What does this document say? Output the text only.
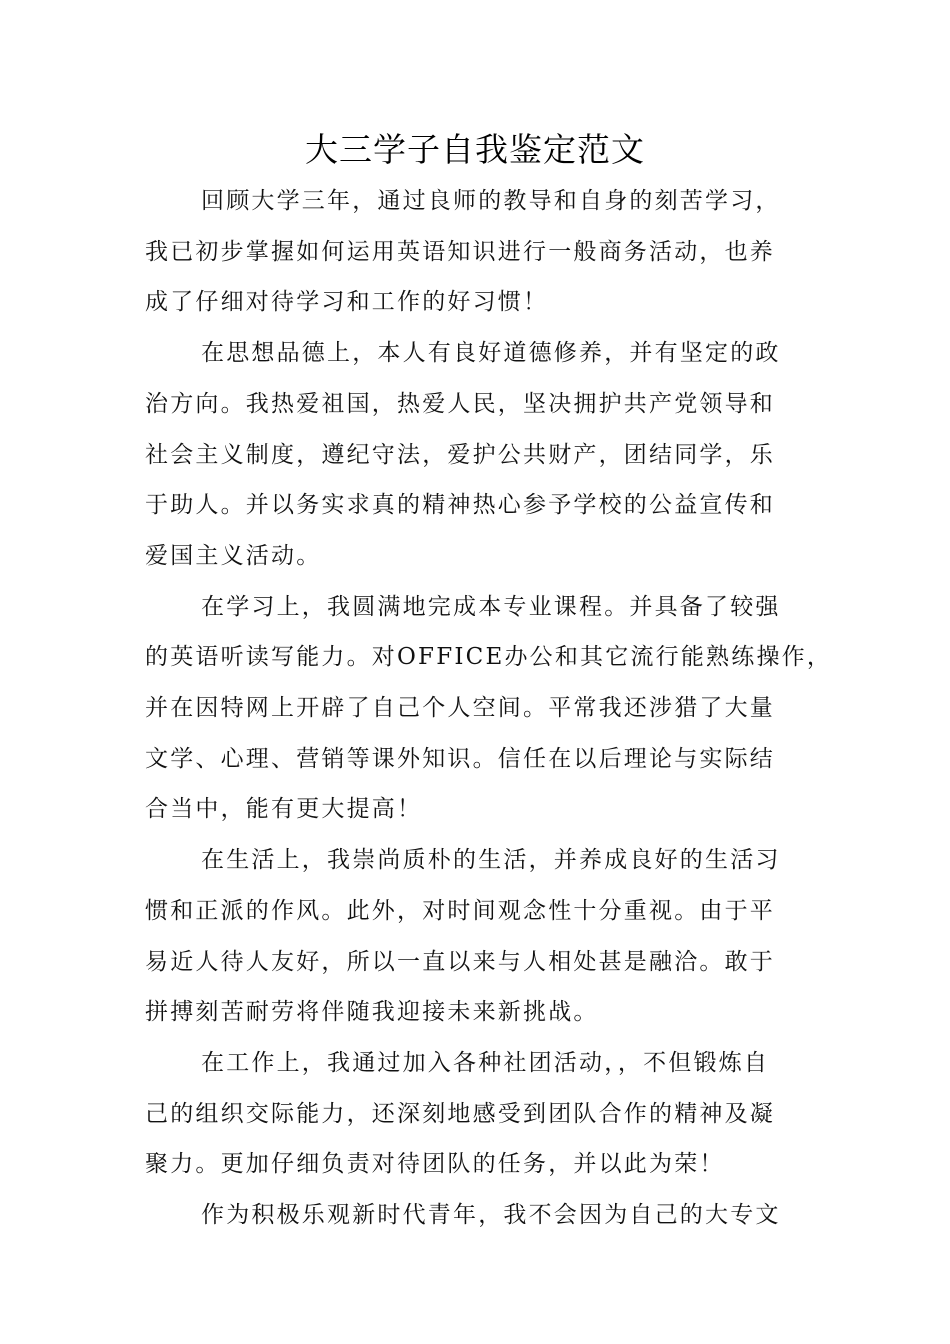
大三学子自我鉴定范文

回顾大学三年，通过良师的教导和自身的刻苦学习，
我已初步掌握如何运用英语知识进行一般商务活动，也养
成了仔细对待学习和工作的好习惯！

在思想品德上，本人有良好道德修养，并有坚定的政
治方向。我热爱祖国，热爱人民，坚决拥护共产党领导和
社会主义制度，遵纪守法，爱护公共财产，团结同学，乐
于助人。并以务实求真的精神热心参予学校的公益宣传和
爱国主义活动。

在学习上，我圆满地完成本专业课程。并具备了较强
的英语听读写能力。对OFFICE办公和其它流行能熟练操作，
并在因特网上开辟了自己个人空间。平常我还涉猎了大量
文学、心理、营销等课外知识。信任在以后理论与实际结
合当中，能有更大提高！

在生活上，我崇尚质朴的生活，并养成良好的生活习
惯和正派的作风。此外，对时间观念性十分重视。由于平
易近人待人友好，所以一直以来与人相处甚是融洽。敢于
拼搏刻苦耐劳将伴随我迎接未来新挑战。

在工作上，我通过加入各种社团活动，，不但锻炼自
己的组织交际能力，还深刻地感受到团队合作的精神及凝
聚力。更加仔细负责对待团队的任务，并以此为荣！

作为积极乐观新时代青年，我不会因为自己的大专文
